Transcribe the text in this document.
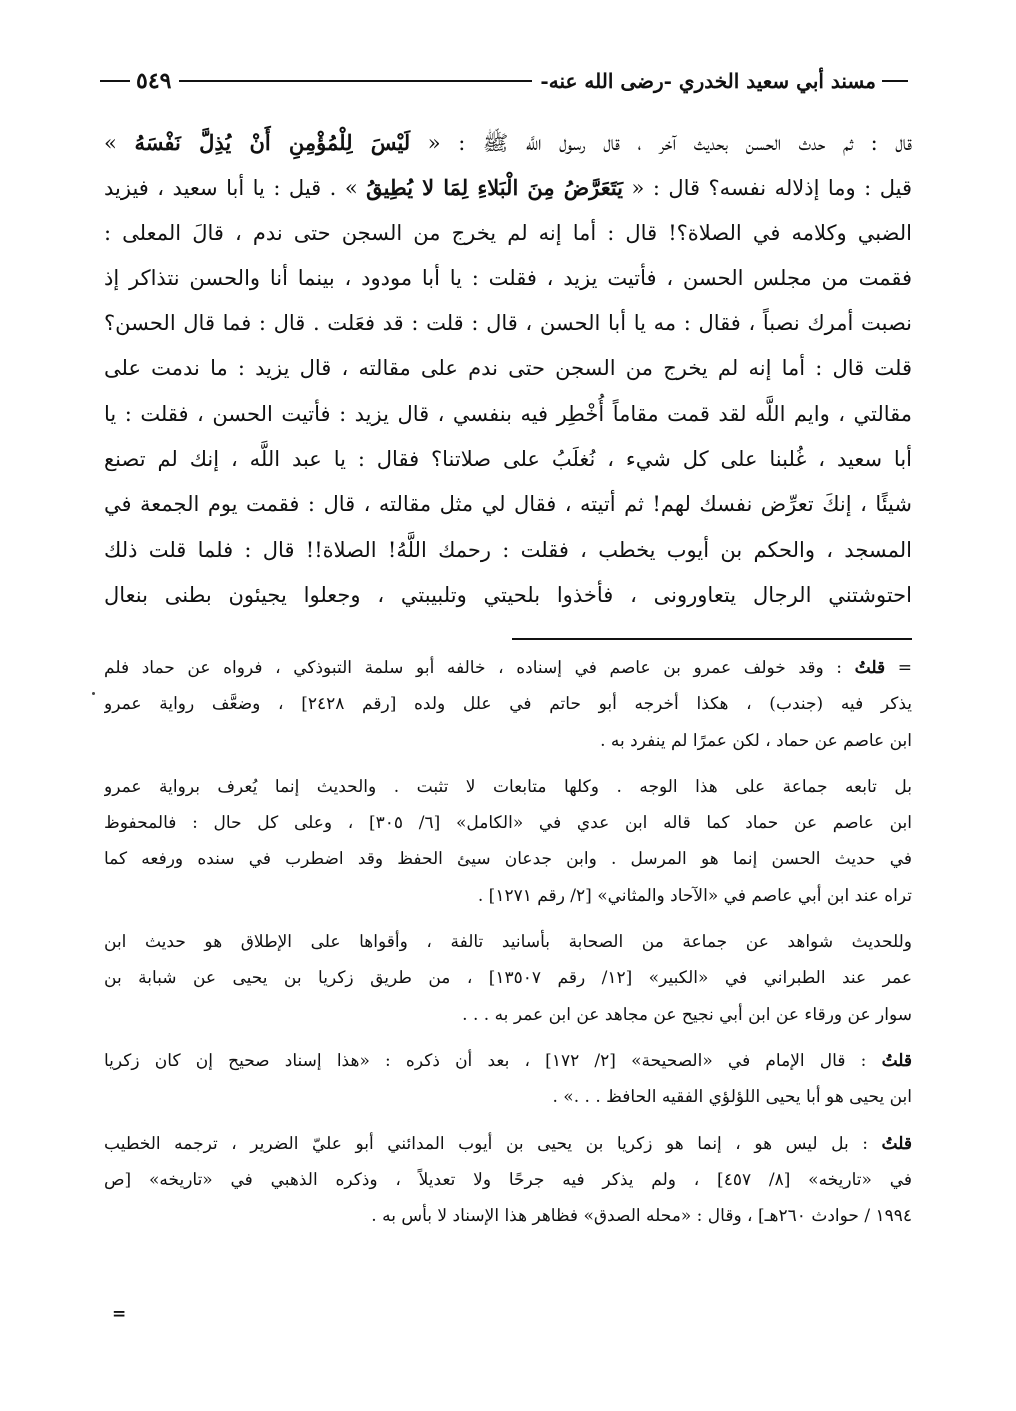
مسند أبي سعيد الخدري -رضى الله عنه-
٥٤٩
قال : ثم حدث الحسن بحديث آخر ، قال رسول اللَّه ﷺ : « لَيْسَ لِلْمُؤْمِنِ أَنْ يُذِلَّ نَفْسَهُ »
قيل : وما إذلاله نفسه؟ قال : « يَتَعَرَّضُ مِنَ الْبَلاءِ لِمَا لا يُطِيقُ » . قيل : يا أبا سعيد ، فيزيد
الضبي وكلامه في الصلاة؟! قال : أما إنه لم يخرج من السجن حتى ندم ، قالَ المعلى :
فقمت من مجلس الحسن ، فأتيت يزيد ، فقلت : يا أبا مودود ، بينما أنا والحسن نتذاكر إذ
نصبت أمرك نصباً ، فقال : مه يا أبا الحسن ، قال : قلت : قد فعَلت . قال : فما قال الحسن؟
قلت قال : أما إنه لم يخرج من السجن حتى ندم على مقالته ، قال يزيد : ما ندمت على
مقالتي ، وايم اللَّه لقد قمت مقاماً أُخْطِر فيه بنفسي ، قال يزيد : فأتيت الحسن ، فقلت : يا
أبا سعيد ، غُلبنا على كل شيء ، نُغلَبُ على صلاتنا؟ فقال : يا عبد اللَّه ، إنك لم تصنع
شيئًا ، إنكَ تعرِّض نفسك لهم! ثم أتيته ، فقال لي مثل مقالته ، قال : فقمت يوم الجمعة في
المسجد ، والحكم بن أيوب يخطب ، فقلت : رحمك اللَّهُ! الصلاة!! قال : فلما قلت ذلك
احتوشتني الرجال يتعاورونى ، فأخذوا بلحيتي وتلبيبتي ، وجعلوا يجيئون بطنى بنعال
= قلتُ : وقد خولف عمرو بن عاصم في إسناده ، خالفه أبو سلمة التبوذكي ، فرواه عن حماد فلم
يذكر فيه (جندب) ، هكذا أخرجه أبو حاتم في علل ولده [رقم ٢٤٢٨] ، وضعَّف رواية عمرو
ابن عاصم عن حماد ، لكن عمرًا لم ينفرد به .
بل تابعه جماعة على هذا الوجه . وكلها متابعات لا تثبت . والحديث إنما يُعرف برواية عمرو
ابن عاصم عن حماد كما قاله ابن عدي في «الكامل» [٦/ ٣٠٥] ، وعلى كل حال : فالمحفوظ
في حديث الحسن إنما هو المرسل . وابن جدعان سيئ الحفظ وقد اضطرب في سنده ورفعه كما
تراه عند ابن أبي عاصم في «الآحاد والمثاني» [٢/ رقم ١٢٧١] .
وللحديث شواهد عن جماعة من الصحابة بأسانيد تالفة ، وأقواها على الإطلاق هو حديث ابن
عمر عند الطبراني في «الكبير» [١٢/ رقم ١٣٥٠٧] ، من طريق زكريا بن يحيى عن شبابة بن
سوار عن ورقاء عن ابن أبي نجيح عن مجاهد عن ابن عمر به . . .
قلتُ : قال الإمام في «الصحيحة» [٢/ ١٧٢] ، بعد أن ذكره : «هذا إسناد صحيح إن كان زكريا
ابن يحيى هو أبا يحيى اللؤلؤي الفقيه الحافظ . . .» .
قلتُ : بل ليس هو ، إنما هو زكريا بن يحيى بن أيوب المدائني أبو عليّ الضرير ، ترجمه الخطيب
في «تاريخه» [٨/ ٤٥٧] ، ولم يذكر فيه جرحًا ولا تعديلاً ، وذكره الذهبي في «تاريخه» [ص
١٩٩٤ / حوادث ٢٦٠هـ] ، وقال : «محله الصدق» فظاهر هذا الإسناد لا بأس به .
=
